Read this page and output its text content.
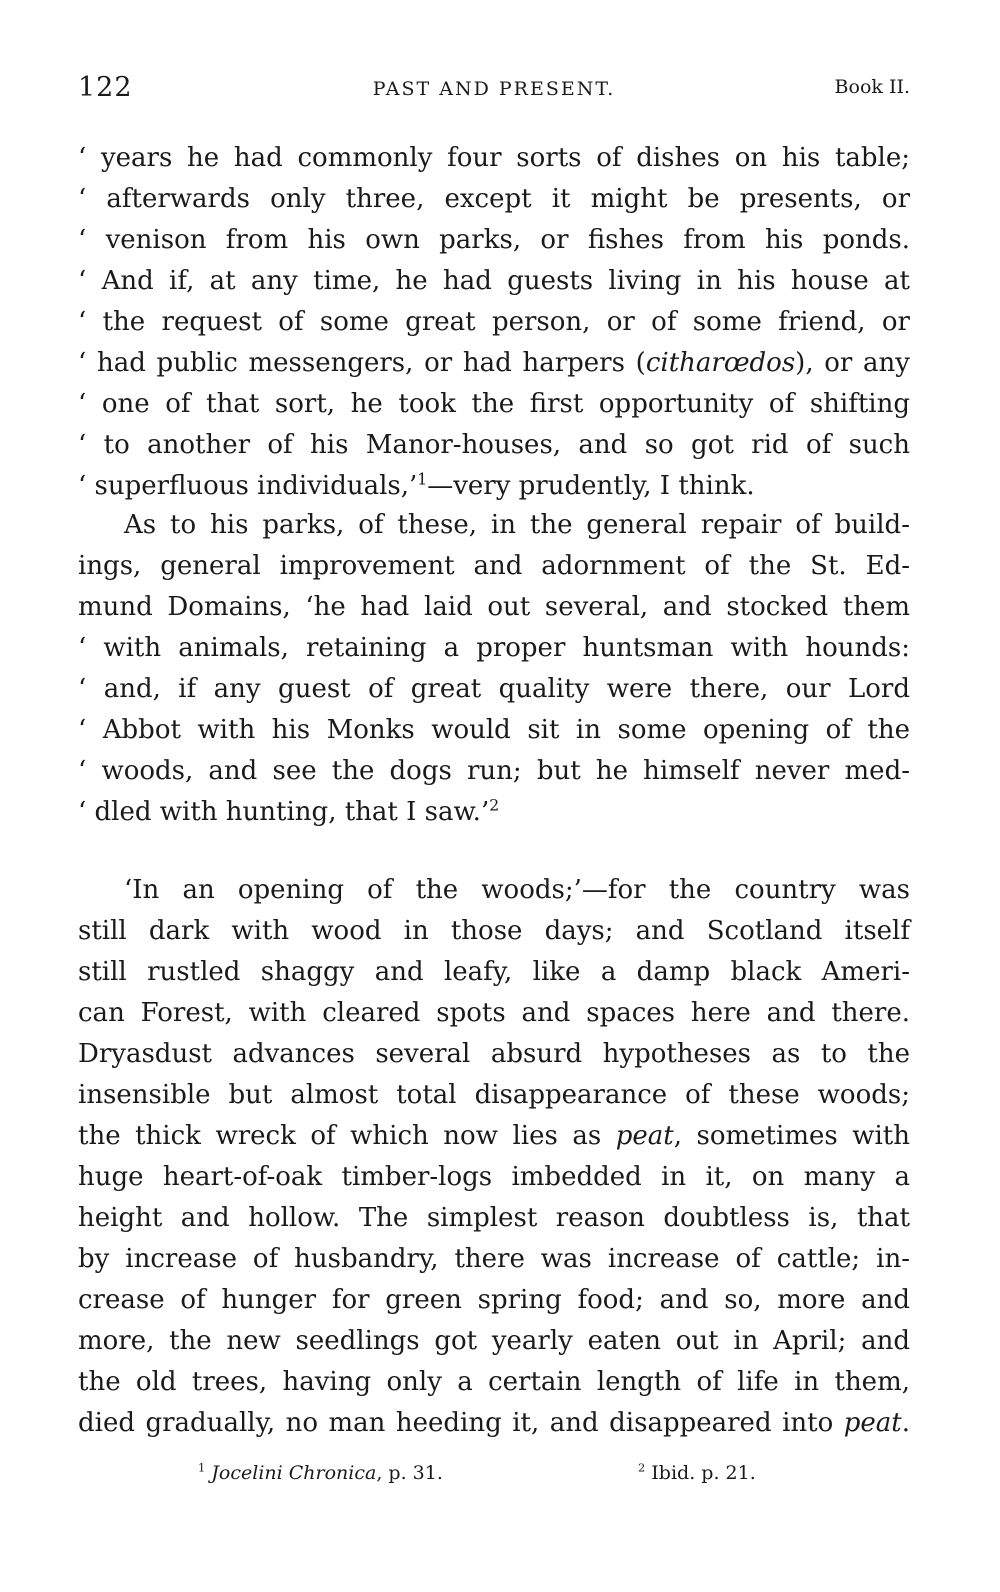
122	PAST AND PRESENT.	Book II.
‘ years he had commonly four sorts of dishes on his table;
‘ afterwards only three, except it might be presents, or
‘ venison from his own parks, or fishes from his ponds.
‘ And if, at any time, he had guests living in his house at
‘ the request of some great person, or of some friend, or
‘ had public messengers, or had harpers (citharœdos), or any
‘ one of that sort, he took the first opportunity of shifting
‘ to another of his Manor-houses, and so got rid of such
‘ superfluous individuals,’$^1$—very prudently, I think.
As to his parks, of these, in the general repair of build-
ings, general improvement and adornment of the St. Ed-
mund Domains, ‘he had laid out several, and stocked them
‘ with animals, retaining a proper huntsman with hounds:
‘ and, if any guest of great quality were there, our Lord
‘ Abbot with his Monks would sit in some opening of the
‘ woods, and see the dogs run; but he himself never med-
‘ dled with hunting, that I saw.’$^2$
‘In an opening of the woods;’—for the country was
still dark with wood in those days; and Scotland itself
still rustled shaggy and leafy, like a damp black Ameri-
can Forest, with cleared spots and spaces here and there.
Dryasdust advances several absurd hypotheses as to the
insensible but almost total disappearance of these woods;
the thick wreck of which now lies as peat, sometimes with
huge heart-of-oak timber-logs imbedded in it, on many a
height and hollow. The simplest reason doubtless is, that
by increase of husbandry, there was increase of cattle; in-
crease of hunger for green spring food; and so, more and
more, the new seedlings got yearly eaten out in April; and
the old trees, having only a certain length of life in them,
died gradually, no man heeding it, and disappeared into peat.
$^1$ Jocelini Chronica, p. 31.	$^2$ Ibid. p. 21.
